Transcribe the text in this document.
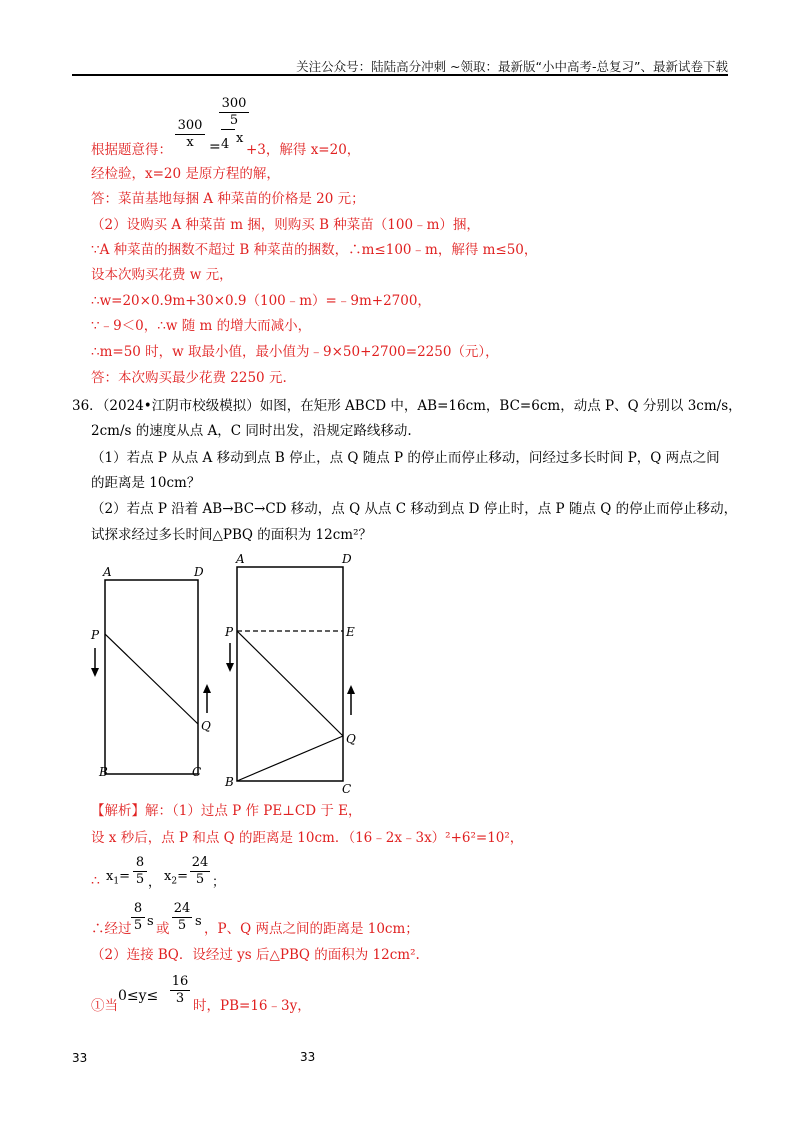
关注公众号：陆陆高分冲刺 ~领取：最新版“小中高考-总复习”、最新试卷下载
根据题意得：
300
x	=
300
5
4 x
+3，解得 x=20，
经检验，x=20 是原方程的解，
答：菜苗基地每捆 A 种菜苗的价格是 20 元；
（2）设购买 A 种菜苗 m 捆，则购买 B 种菜苗（100﹣m）捆，
∵A 种菜苗的捆数不超过 B 种菜苗的捆数，∴m≤100﹣m，解得 m≤50，
设本次购买花费 w 元，
∴w=20×0.9m+30×0.9（100﹣m）=﹣9m+2700，
∵﹣9＜0，∴w 随 m 的增大而减小，
∴m=50 时，w 取最小值，最小值为﹣9×50+2700=2250（元），
答：本次购买最少花费 2250 元.
36．（2024•江阴市校级模拟）如图，在矩形 ABCD 中，AB=16cm，BC=6cm，动点 P、Q 分别以 3cm/s，
2cm/s 的速度从点 A，C 同时出发，沿规定路线移动.
（1）若点 P 从点 A 移动到点 B 停止，点 Q 随点 P 的停止而停止移动，问经过多长时间 P，Q 两点之间
的距离是 10cm？
（2）若点 P 沿着 AB→BC→CD 移动，点 Q 从点 C 移动到点 D 停止时，点 P 随点 Q 的停止而停止移动，
试探求经过多长时间△PBQ 的面积为 12cm²？
A	D
P
Q
B	C
A	D
P	E
Q
B	C
【解析】解：（1）过点 P 作 PE⊥CD 于 E，
设 x 秒后，点 P 和点 Q 的距离是 10cm．（16﹣2x﹣3x）²+6²=10²，
∴ $x_1=$
8
5 ， $x_2=$
24
5 ；
∴经过
8
5 s 或
24
5 s ，P、Q 两点之间的距离是 10cm；
（2）连接 BQ．设经过 ys 后△PBQ 的面积为 12cm².
①当
0≤y≤
16
3 时，PB=16﹣3y，
33	33
